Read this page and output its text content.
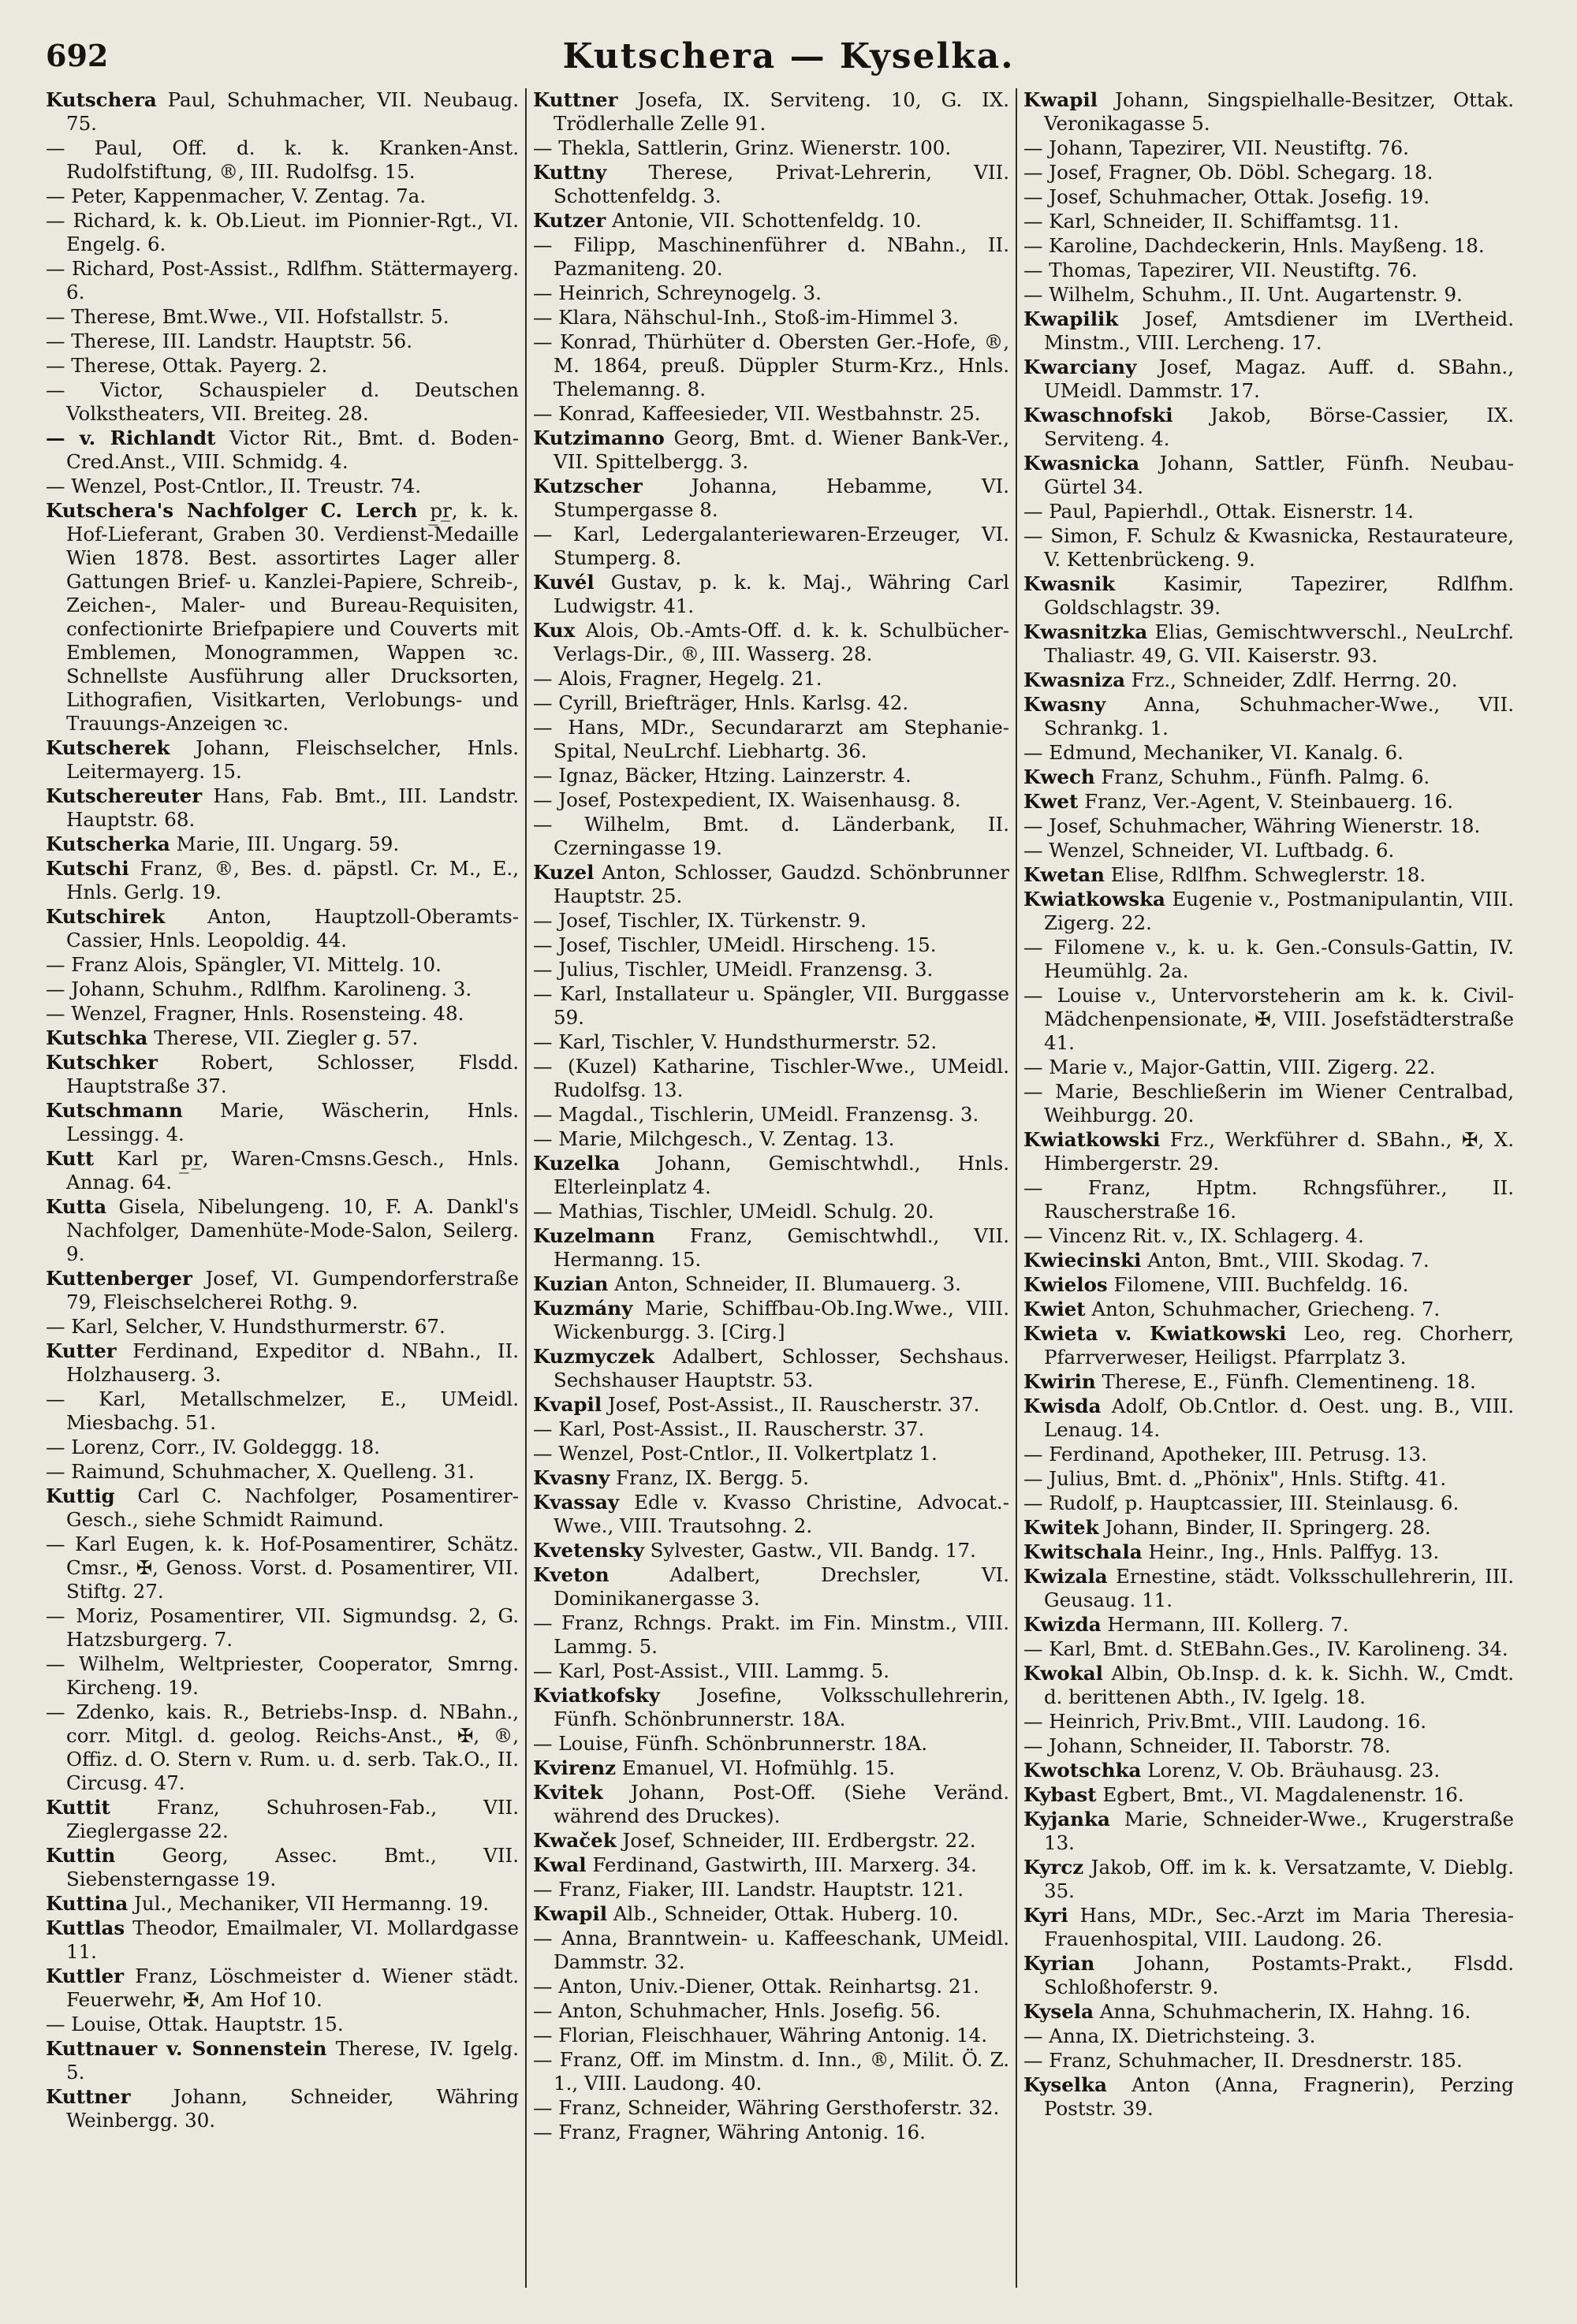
692	Kutschera — Kyselka.

Kutschera Paul, Schuhmacher, VII. Neubaug. 75.

— Paul, Off. d. k. k. Kranken-Anst. Rudolfstiftung, ®, III. Rudolfsg. 15.

— Peter, Kappenmacher, V. Zentag. 7a.

— Richard, k. k. Ob.Lieut. im Pionnier-Rgt., VI. Engelg. 6.

— Richard, Post-Assist., Rdlfhm. Stättermayerg. 6.

— Therese, Bmt.Wwe., VII. Hofstallstr. 5.

— Therese, III. Landstr. Hauptstr. 56.

— Therese, Ottak. Payerg. 2.

— Victor, Schauspieler d. Deutschen Volkstheaters, VII. Breiteg. 28.

— v. Richlandt Victor Rit., Bmt. d. Boden-Cred.Anst., VIII. Schmidg. 4.

— Wenzel, Post-Cntlor., II. Treustr. 74.

Kutschera's Nachfolger C. Lerch p̲r̲, k. k. Hof-Lieferant, Graben 30. Verdienst-Medaille Wien 1878. Best. assortirtes Lager aller Gattungen Brief- u. Kanzlei-Papiere, Schreib-, Zeichen-, Maler- und Bureau-Requisiten, confectionirte Briefpapiere und Couverts mit Emblemen, Monogrammen, Wappen ꝛc. Schnellste Ausführung aller Drucksorten, Lithografien, Visitkarten, Verlobungs- und Trauungs-Anzeigen ꝛc.

Kutscherek Johann, Fleischselcher, Hnls. Leitermayerg. 15.

Kutschereuter Hans, Fab. Bmt., III. Landstr. Hauptstr. 68.

Kutscherka Marie, III. Ungarg. 59.

Kutschi Franz, ®, Bes. d. päpstl. Cr. M., E., Hnls. Gerlg. 19.

Kutschirek Anton, Hauptzoll-Oberamts-Cassier, Hnls. Leopoldig. 44.

— Franz Alois, Spängler, VI. Mittelg. 10.

— Johann, Schuhm., Rdlfhm. Karolineng. 3.

— Wenzel, Fragner, Hnls. Rosensteing. 48.

Kutschka Therese, VII. Ziegler g. 57.

Kutschker Robert, Schlosser, Flsdd. Hauptstraße 37.

Kutschmann Marie, Wäscherin, Hnls. Lessingg. 4.

Kutt Karl p̲r̲, Waren-Cmsns.Gesch., Hnls. Annag. 64.

Kutta Gisela, Nibelungeng. 10, F. A. Dankl's Nachfolger, Damenhüte-Mode-Salon, Seilerg. 9.

Kuttenberger Josef, VI. Gumpendorferstraße 79, Fleischselcherei Rothg. 9.

— Karl, Selcher, V. Hundsthurmerstr. 67.

Kutter Ferdinand, Expeditor d. NBahn., II. Holzhauserg. 3.

— Karl, Metallschmelzer, E., UMeidl. Miesbachg. 51.

— Lorenz, Corr., IV. Goldeggg. 18.

— Raimund, Schuhmacher, X. Quelleng. 31.

Kuttig Carl C. Nachfolger, Posamentirer-Gesch., siehe Schmidt Raimund.

— Karl Eugen, k. k. Hof-Posamentirer, Schätz. Cmsr., ✠, Genoss. Vorst. d. Posamentirer, VII. Stiftg. 27.

— Moriz, Posamentirer, VII. Sigmundsg. 2, G. Hatzsburgerg. 7.

— Wilhelm, Weltpriester, Cooperator, Smrng. Kircheng. 19.

— Zdenko, kais. R., Betriebs-Insp. d. NBahn., corr. Mitgl. d. geolog. Reichs-Anst., ✠, ®, Offiz. d. O. Stern v. Rum. u. d. serb. Tak.O., II. Circusg. 47.

Kuttit Franz, Schuhrosen-Fab., VII. Zieglergasse 22.

Kuttin Georg, Assec. Bmt., VII. Siebensterngasse 19.

Kuttina Jul., Mechaniker, VII Hermanng. 19.

Kuttlas Theodor, Emailmaler, VI. Mollardgasse 11.

Kuttler Franz, Löschmeister d. Wiener städt. Feuerwehr, ✠, Am Hof 10.

— Louise, Ottak. Hauptstr. 15.

Kuttnauer v. Sonnenstein Therese, IV. Igelg. 5.

Kuttner Johann, Schneider, Währing Weinbergg. 30.

Kuttner Josefa, IX. Serviteng. 10, G. IX. Trödlerhalle Zelle 91.

— Thekla, Sattlerin, Grinz. Wienerstr. 100.

Kuttny Therese, Privat-Lehrerin, VII. Schottenfeldg. 3.

Kutzer Antonie, VII. Schottenfeldg. 10.

— Filipp, Maschinenführer d. NBahn., II. Pazmaniteng. 20.

— Heinrich, Schreynogelg. 3.

— Klara, Nähschul-Inh., Stoß-im-Himmel 3.

— Konrad, Thürhüter d. Obersten Ger.-Hofe, ®, M. 1864, preuß. Düppler Sturm-Krz., Hnls. Thelemanng. 8.

— Konrad, Kaffeesieder, VII. Westbahnstr. 25.

Kutzimanno Georg, Bmt. d. Wiener Bank-Ver., VII. Spittelbergg. 3.

Kutzscher	Johanna, Hebamme, VI. Stumpergasse 8.

— Karl, Ledergalanteriewaren-Erzeuger, VI. Stumperg. 8.

Kuvél Gustav, p. k. k. Maj., Währing Carl Ludwigstr. 41.

Kux Alois, Ob.-Amts-Off. d. k. k. Schulbücher-Verlags-Dir., ®, III. Wasserg. 28.

— Alois, Fragner, Hegelg. 21.

— Cyrill, Briefträger, Hnls. Karlsg. 42.

— Hans, MDr., Secundararzt am Stephanie-Spital, NeuLrchf. Liebhartg. 36.

— Ignaz, Bäcker, Htzing. Lainzerstr. 4.

— Josef, Postexpedient, IX. Waisenhausg. 8.

— Wilhelm, Bmt. d. Länderbank, II. Czerningasse 19.

Kuzel Anton, Schlosser, Gaudzd. Schönbrunner Hauptstr. 25.

— Josef, Tischler, IX. Türkenstr. 9.

— Josef, Tischler, UMeidl. Hirscheng. 15.

— Julius, Tischler, UMeidl. Franzensg. 3.

— Karl, Installateur u. Spängler, VII. Burggasse 59.

— Karl, Tischler, V. Hundsthurmerstr. 52.

— (Kuzel) Katharine, Tischler-Wwe., UMeidl. Rudolfsg. 13.

— Magdal., Tischlerin, UMeidl. Franzensg. 3.

— Marie, Milchgesch., V. Zentag. 13.

Kuzelka Johann, Gemischtwhdl., Hnls. Elterleinplatz 4.

— Mathias, Tischler, UMeidl. Schulg. 20.

Kuzelmann Franz, Gemischtwhdl., VII. Hermanng. 15.

Kuzian Anton, Schneider, II. Blumauerg. 3.

Kuzmány Marie, Schiffbau-Ob.Ing.Wwe., VIII. Wickenburgg. 3. [Cirg.]

Kuzmyczek Adalbert, Schlosser, Sechshaus. Sechshauser Hauptstr. 53.

Kvapil Josef, Post-Assist., II. Rauscherstr. 37.

— Karl, Post-Assist., II. Rauscherstr. 37.

— Wenzel, Post-Cntlor., II. Volkertplatz 1.

Kvasny Franz, IX. Bergg. 5.

Kvassay Edle v. Kvasso Christine, Advocat.-Wwe., VIII. Trautsohng. 2.

Kvetensky Sylvester, Gastw., VII. Bandg. 17.

Kveton	Adalbert, Drechsler, VI. Dominikanergasse 3.

— Franz, Rchngs. Prakt. im Fin. Minstm., VIII. Lammg. 5.

— Karl, Post-Assist., VIII. Lammg. 5.

Kviatkofsky Josefine, Volksschullehrerin, Fünfh. Schönbrunnerstr. 18A.

— Louise, Fünfh. Schönbrunnerstr. 18A.

Kvirenz Emanuel, VI. Hofmühlg. 15.

Kvitek Johann, Post-Off. (Siehe Veränd. während des Druckes).

Kwaček Josef, Schneider, III. Erdbergstr. 22.

Kwal Ferdinand, Gastwirth, III. Marxerg. 34.

— Franz, Fiaker, III. Landstr. Hauptstr. 121.

Kwapil Alb., Schneider, Ottak. Huberg. 10.

— Anna, Branntwein- u. Kaffeeschank, UMeidl. Dammstr. 32.

— Anton, Univ.-Diener, Ottak. Reinhartsg. 21.

— Anton, Schuhmacher, Hnls. Josefig. 56.

— Florian, Fleischhauer, Währing Antonig. 14.

— Franz, Off. im Minstm. d. Inn., ®, Milit. Ö. Z. 1., VIII. Laudong. 40.

— Franz, Schneider, Währing Gersthoferstr. 32.

— Franz, Fragner, Währing Antonig. 16.

Kwapil Johann, Singspielhalle-Besitzer, Ottak. Veronikagasse 5.

— Johann, Tapezirer, VII. Neustiftg. 76.

— Josef, Fragner, Ob. Döbl. Schegarg. 18.

— Josef, Schuhmacher, Ottak. Josefig. 19.

— Karl, Schneider, II. Schiffamtsg. 11.

— Karoline, Dachdeckerin, Hnls. Mayßeng. 18.

— Thomas, Tapezirer, VII. Neustiftg. 76.

— Wilhelm, Schuhm., II. Unt. Augartenstr. 9.

Kwapilik Josef, Amtsdiener im LVertheid. Minstm., VIII. Lercheng. 17.

Kwarciany Josef, Magaz. Auff. d. SBahn., UMeidl. Dammstr. 17.

Kwaschnofski Jakob, Börse-Cassier, IX. Serviteng. 4.

Kwasnicka Johann, Sattler, Fünfh. Neubau-Gürtel 34.

— Paul, Papierhdl., Ottak. Eisnerstr. 14.

— Simon, F. Schulz & Kwasnicka, Restaurateure, V. Kettenbrückeng. 9.

Kwasnik	Kasimir, Tapezirer, Rdlfhm. Goldschlagstr. 39.

Kwasnitzka Elias, Gemischtwverschl., NeuLrchf. Thaliastr. 49, G. VII. Kaiserstr. 93.

Kwasniza Frz., Schneider, Zdlf. Herrng. 20.

Kwasny Anna, Schuhmacher-Wwe., VII. Schrankg. 1.

— Edmund, Mechaniker, VI. Kanalg. 6.

Kwech Franz, Schuhm., Fünfh. Palmg. 6.

Kwet Franz, Ver.-Agent, V. Steinbauerg. 16.

— Josef, Schuhmacher, Währing Wienerstr. 18.

— Wenzel, Schneider, VI. Luftbadg. 6.

Kwetan Elise, Rdlfhm. Schweglerstr. 18.

Kwiatkowska Eugenie v., Postmanipulantin, VIII. Zigerg. 22.

— Filomene v., k. u. k. Gen.-Consuls-Gattin, IV. Heumühlg. 2a.

— Louise v., Untervorsteherin am k. k. Civil-Mädchenpensionate, ✠, VIII. Josefstädterstraße 41.

— Marie v., Major-Gattin, VIII. Zigerg. 22.

— Marie, Beschließerin im Wiener Centralbad, Weihburgg. 20.

Kwiatkowski Frz., Werkführer d. SBahn., ✠, X. Himbergerstr. 29.

— Franz, Hptm. Rchngsführer., II. Rauscherstraße 16.

— Vincenz Rit. v., IX. Schlagerg. 4.

Kwiecinski Anton, Bmt., VIII. Skodag. 7.

Kwielos Filomene, VIII. Buchfeldg. 16.

Kwiet Anton, Schuhmacher, Griecheng. 7.

Kwieta v. Kwiatkowski Leo, reg. Chorherr, Pfarrverweser, Heiligst. Pfarrplatz 3.

Kwirin Therese, E., Fünfh. Clementineng. 18.

Kwisda Adolf, Ob.Cntlor. d. Oest. ung. B., VIII. Lenaug. 14.

— Ferdinand, Apotheker, III. Petrusg. 13.

— Julius, Bmt. d. „Phönix", Hnls. Stiftg. 41.

— Rudolf, p. Hauptcassier, III. Steinlausg. 6.

Kwitek Johann, Binder, II. Springerg. 28.

Kwitschala Heinr., Ing., Hnls. Palffyg. 13.

Kwizala Ernestine, städt. Volksschullehrerin, III. Geusaug. 11.

Kwizda Hermann, III. Kollerg. 7.

— Karl, Bmt. d. StEBahn.Ges., IV. Karolineng. 34.

Kwokal Albin, Ob.Insp. d. k. k. Sichh. W., Cmdt. d. berittenen Abth., IV. Igelg. 18.

— Heinrich, Priv.Bmt., VIII. Laudong. 16.

— Johann, Schneider, II. Taborstr. 78.

Kwotschka Lorenz, V. Ob. Bräuhausg. 23.

Kybast Egbert, Bmt., VI. Magdalenenstr. 16.

Kyjanka Marie, Schneider-Wwe., Krugerstraße 13.

Kyrcz Jakob, Off. im k. k. Versatzamte, V. Dieblg. 35.

Kyri Hans, MDr., Sec.-Arzt im Maria Theresia-Frauenhospital, VIII. Laudong. 26.

Kyrian Johann, Postamts-Prakt., Flsdd. Schloßhoferstr. 9.

Kysela Anna, Schuhmacherin, IX. Hahng. 16.

— Anna, IX. Dietrichsteing. 3.

— Franz, Schuhmacher, II. Dresdnerstr. 185.

Kyselka Anton (Anna, Fragnerin), Perzing Poststr. 39.
